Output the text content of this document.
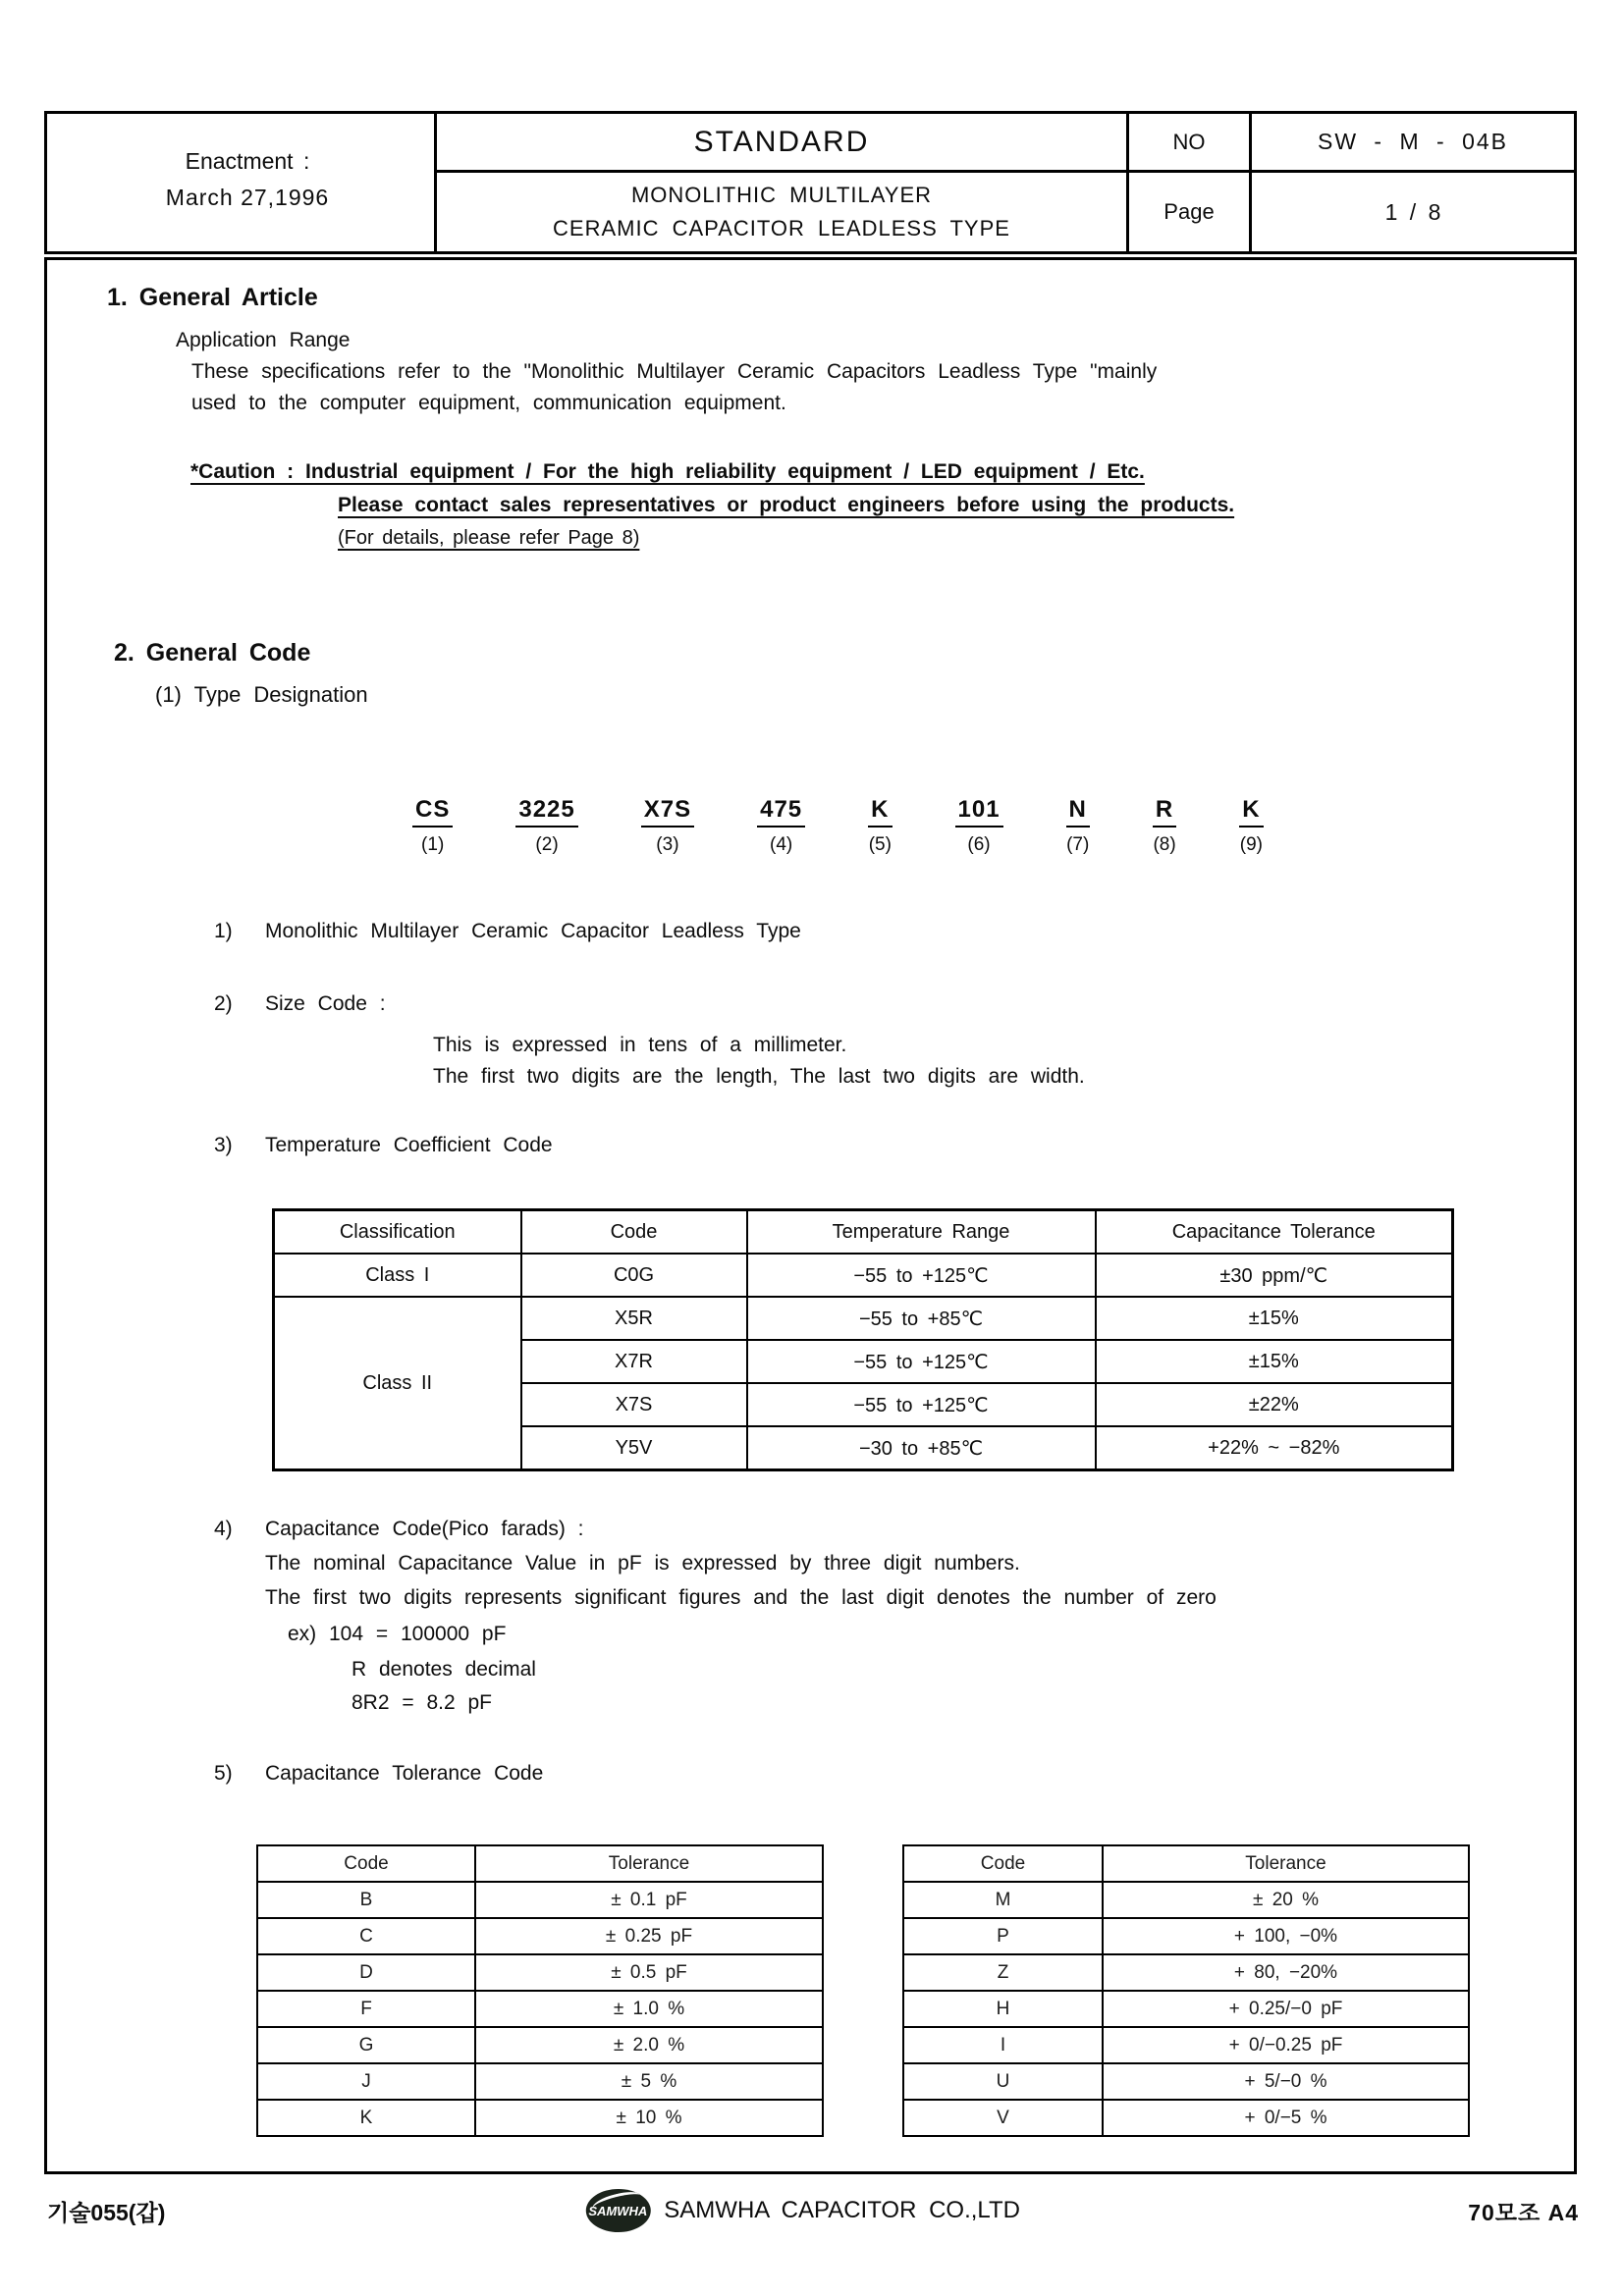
Enactment :
March 27,1996
STANDARD
MONOLITHIC MULTILAYER
CERAMIC CAPACITOR LEADLESS TYPE
NO	SW - M - 04B
Page	1 / 8
1. General Article
Application Range
These specifications refer to the "Monolithic Multilayer Ceramic Capacitors Leadless Type "mainly
used to the computer equipment, communication equipment.
*Caution : Industrial equipment / For the high reliability equipment / LED equipment / Etc.
Please contact sales representatives or product engineers before using the products.
(For details, please refer Page 8)
2. General Code
(1) Type Designation
CS
(1)
3225
(2)
X7S
(3)
475
(4)
K
(5)
101
(6)
N
(7)
R
(8)
K
(9)
1)	Monolithic Multilayer Ceramic Capacitor Leadless Type
2)	Size Code :
This is expressed in tens of a millimeter.
The first two digits are the length, The last two digits are width.
3)	Temperature Coefficient Code
Classification	Code	Temperature Range	Capacitance Tolerance
Class I	C0G	−55 to +125℃	±30 ppm/℃
Class II	X5R	−55 to +85℃	±15%
	X7R	−55 to +125℃	±15%
	X7S	−55 to +125℃	±22%
	Y5V	−30 to +85℃	+22% ~ −82%
4)	Capacitance Code(Pico farads) :
The nominal Capacitance Value in pF is expressed by three digit numbers.
The first two digits represents significant figures and the last digit denotes the number of zero
ex) 104 = 100000 pF
R denotes decimal
8R2 = 8.2 pF
5)	Capacitance Tolerance Code
Code	Tolerance
B	± 0.1 pF
C	± 0.25 pF
D	± 0.5 pF
F	± 1.0 %
G	± 2.0 %
J	± 5 %
K	± 10 %
Code	Tolerance
M	± 20 %
P	+ 100, −0%
Z	+ 80, −20%
H	+ 0.25/−0 pF
I	+ 0/−0.25 pF
U	+ 5/−0 %
V	+ 0/−5 %
기술055(갑)	SAMWHA SAMWHA CAPACITOR CO.,LTD	70모조 A4
